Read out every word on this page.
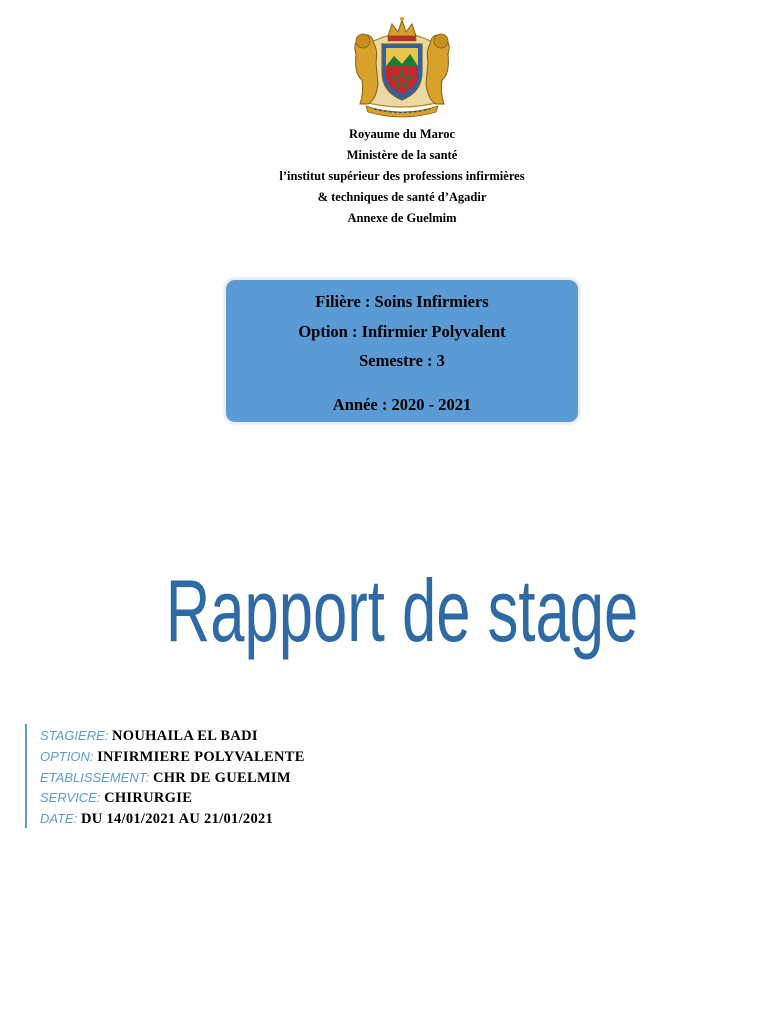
Royaume du Maroc
Ministère de la santé
l’institut supérieur des professions infirmières
& techniques de santé d’Agadir
Annexe de Guelmim
Filière : Soins Infirmiers
Option : Infirmier Polyvalent
Semestre : 3
Année : 2020 - 2021
Rapport de stage
STAGIERE: NOUHAILA EL BADI
OPTION: INFIRMIERE POLYVALENTE
ETABLISSEMENT: CHR DE GUELMIM
SERVICE: CHIRURGIE
DATE: DU 14/01/2021 AU 21/01/2021
